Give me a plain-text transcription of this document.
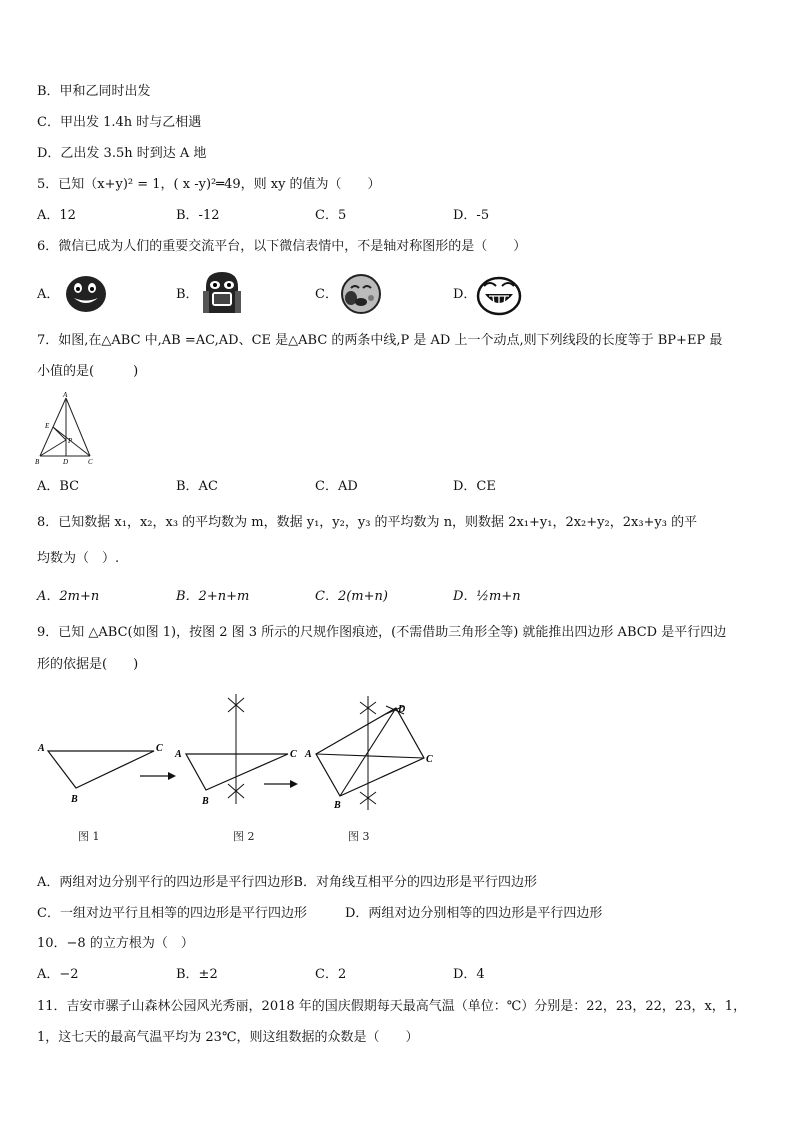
B．甲和乙同时出发
C．甲出发 1.4h 时与乙相遇
D．乙出发 3.5h 时到达 A 地
5．已知（x+y)² = 1，( x -y)²═49，则 xy 的值为（　　）
A．12	B．-12	C．5	D．-5
6．微信已成为人们的重要交流平台，以下微信表情中，不是轴对称图形的是（　　）
A．	B．	C．	D．
7．如图,在△ABC 中,AB =AC,AD、CE 是△ABC 的两条中线,P 是 AD 上一个动点,则下列线段的长度等于 BP+EP 最
小值的是(　　　)
A
E
P
B	D	C
A．BC	B．AC	C．AD	D．CE
8．已知数据 x₁，x₂，x₃ 的平均数为 m，数据 y₁，y₂，y₃ 的平均数为 n，则数据 2x₁+y₁，2x₂+y₂，2x₃+y₃ 的平
均数为（　）.
A．2m+n	B．2+n+m	C．2(m+n)	D．½m+n
9．已知 △ABC(如图 1)，按图 2 图 3 所示的尺规作图痕迹，(不需借助三角形全等) 就能推出四边形 ABCD 是平行四边
形的依据是(　　)
A	C
B
A	C
B
A	C
B
D
图 1	图 2	图 3
A．两组对边分别平行的四边形是平行四边形B．对角线互相平分的四边形是平行四边形
C．一组对边平行且相等的四边形是平行四边形	D．两组对边分别相等的四边形是平行四边形
10．−8 的立方根为（　）
A．−2	B．±2	C．2	D．4
11．吉安市骡子山森林公园风光秀丽，2018 年的国庆假期每天最高气温（单位：℃）分别是：22，23，22，23，x，1，
1，这七天的最高气温平均为 23℃，则这组数据的众数是（　　）
